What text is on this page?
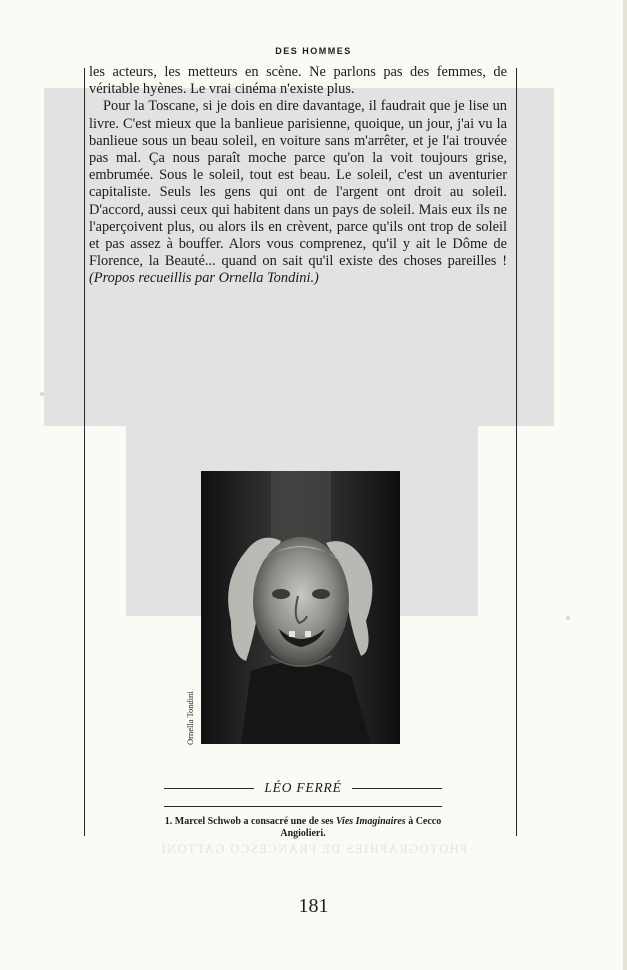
DES HOMMES

les acteurs, les metteurs en scène. Ne parlons pas des femmes, de véritable hyènes. Le vrai cinéma n'existe plus.

Pour la Toscane, si je dois en dire davantage, il faudrait que je lise un livre. C'est mieux que la banlieue parisienne, quoique, un jour, j'ai vu la banlieue sous un beau soleil, en voiture sans m'arrêter, et je l'ai trouvée pas mal. Ça nous paraît moche parce qu'on la voit toujours grise, embrumée. Sous le soleil, tout est beau. Le soleil, c'est un aventurier capitaliste. Seuls les gens qui ont de l'argent ont droit au soleil. D'accord, aussi ceux qui habitent dans un pays de soleil. Mais eux ils ne l'aperçoivent plus, ou alors ils en crèvent, parce qu'ils ont trop de soleil et pas assez à bouffer. Alors vous comprenez, qu'il y ait le Dôme de Florence, la Beauté... quand on sait qu'il existe des choses pareilles ! (Propos recueillis par Ornella Tondini.)

Ornella Tondini
LÉO FERRÉ
1. Marcel Schwob a consacré une de ses Vies Imaginaires à Cecco Angiolieri.
PHOTOGRAPHIES DE FRANCESCO GATTONI
181
